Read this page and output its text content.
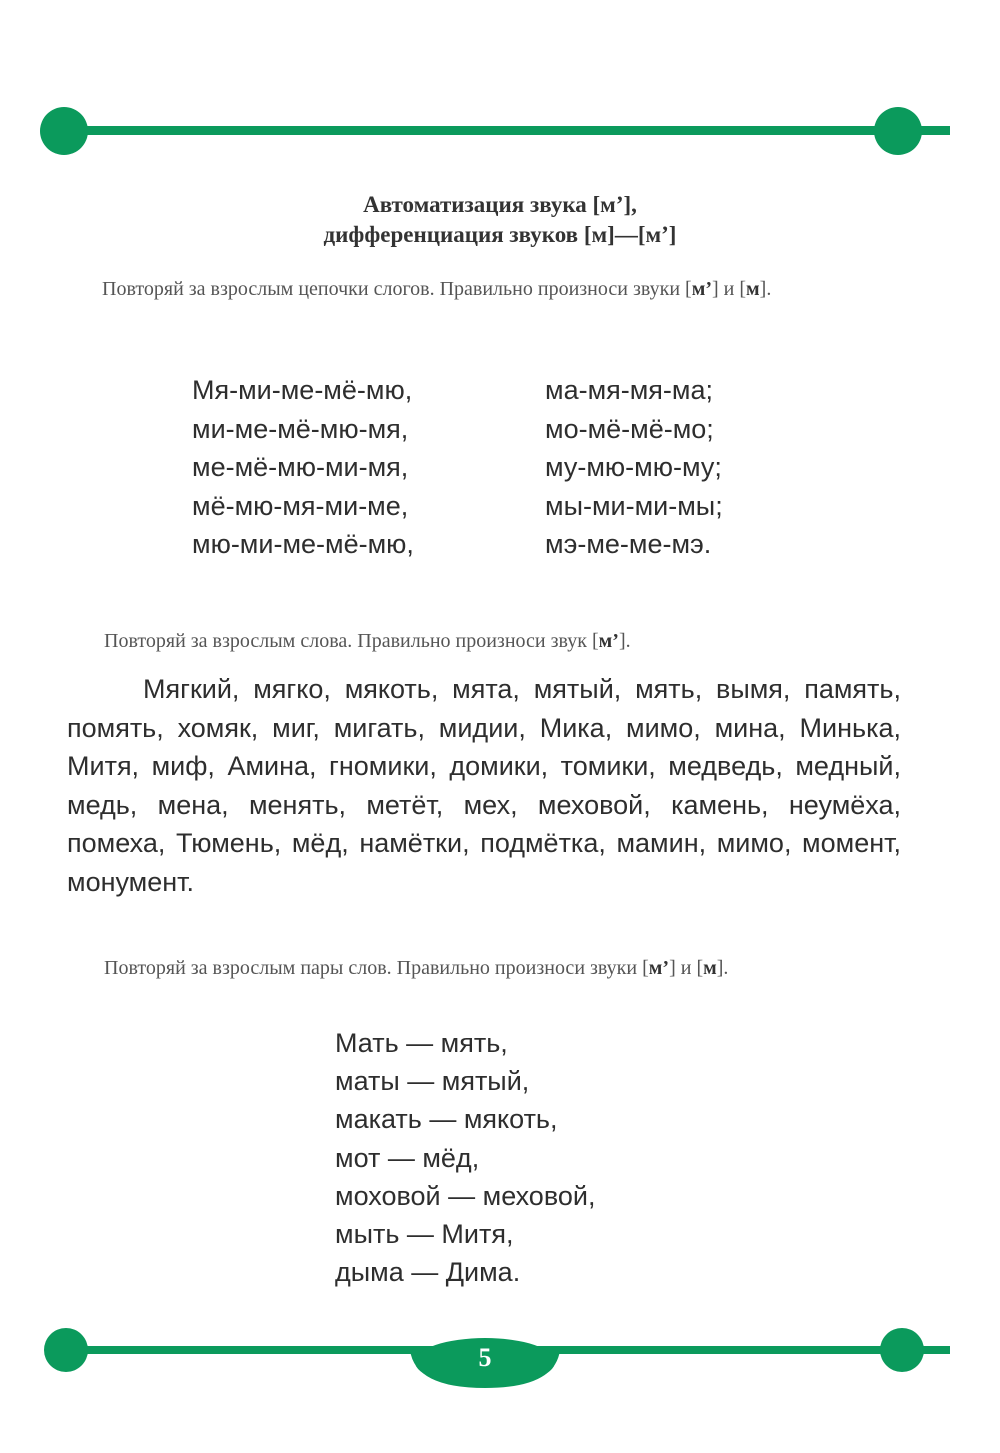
Автоматизация звука [м’],
дифференциация звуков [м]—[м’]
Повторяй за взрослым цепочки слогов. Правильно произноси звуки [м’] и [м].
Мя-ми-ме-мё-мю,
ми-ме-мё-мю-мя,
ме-мё-мю-ми-мя,
мё-мю-мя-ми-ме,
мю-ми-ме-мё-мю,
ма-мя-мя-ма;
мо-мё-мё-мо;
му-мю-мю-му;
мы-ми-ми-мы;
мэ-ме-ме-мэ.
Повторяй за взрослым слова. Правильно произноси звук [м’].
Мягкий, мягко, мякоть, мята, мятый, мять, вымя, память, помять, хомяк, миг, мигать, мидии, Мика, мимо, мина, Минька, Митя, миф, Амина, гномики, домики, томики, медведь, медный, медь, мена, менять, метёт, мех, меховой, камень, неумёха, помеха, Тюмень, мёд, намётки, подмётка, мамин, мимо, момент, монумент.
Повторяй за взрослым пары слов. Правильно произноси звуки [м’] и [м].
Мать — мять,
маты — мятый,
макать — мякоть,
мот — мёд,
моховой — меховой,
мыть — Митя,
дыма — Дима.
5
